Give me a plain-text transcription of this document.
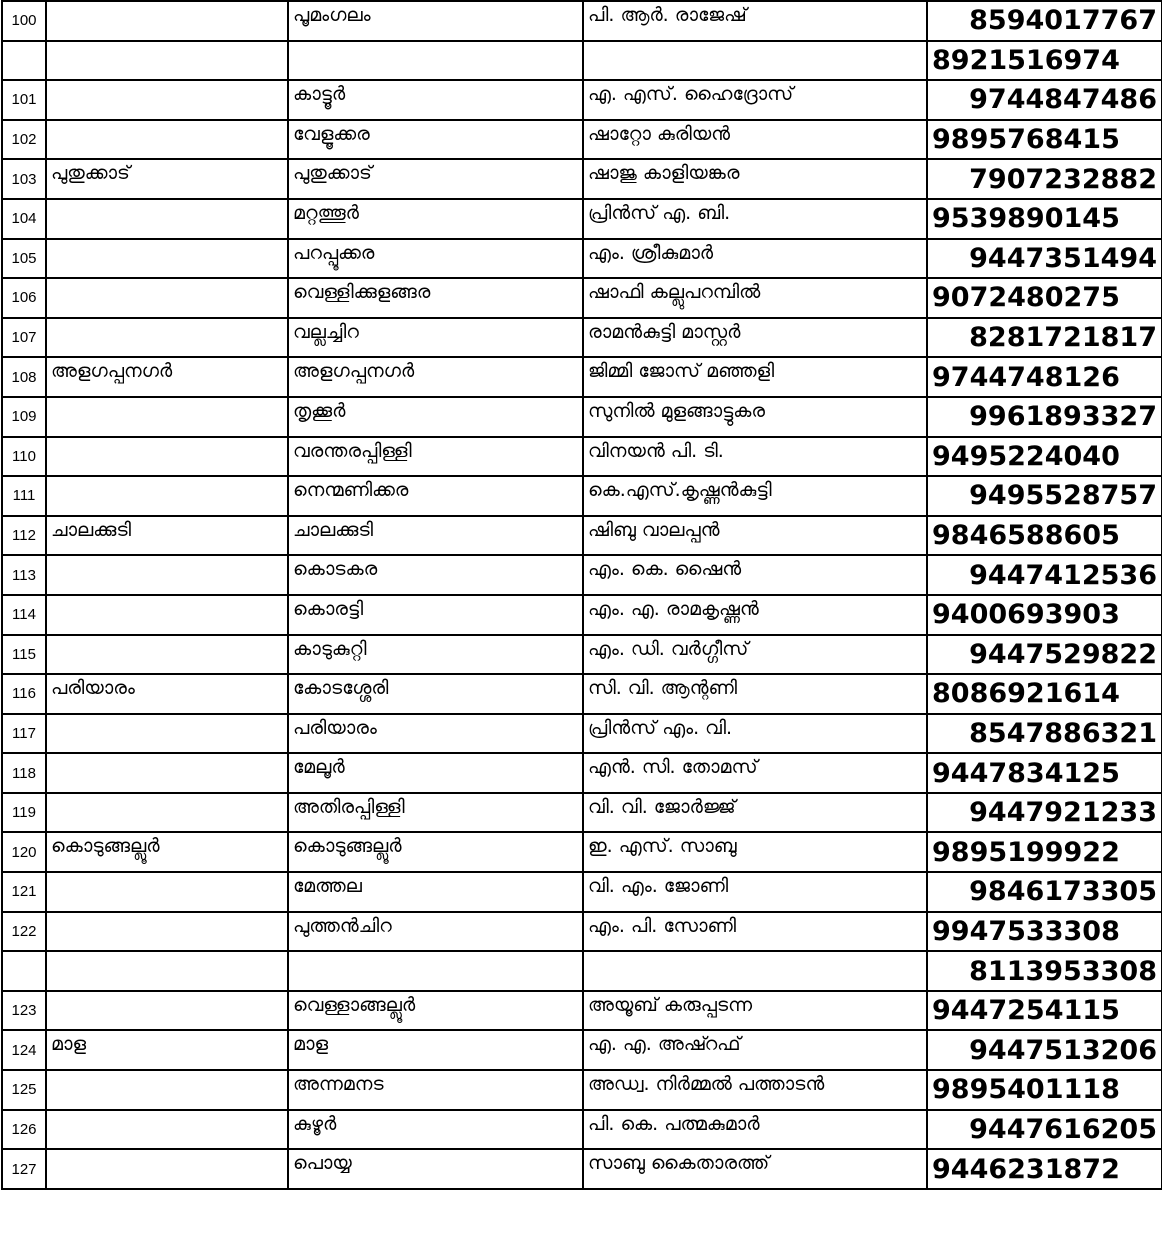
100		പൂമംഗലം	പി. ആർ. രാജേഷ്	8594017767
				8921516974
101		കാട്ടൂർ	എ. എസ്. ഹൈദ്രോസ്	9744847486
102		വേളൂക്കര	ഷാറ്റോ കുരിയൻ	9895768415
103	പുതുക്കാട്	പുതുക്കാട്	ഷാജു കാളിയങ്കര	7907232882
104		മറ്റത്തൂർ	പ്രിൻസ് എ. ബി.	9539890145
105		പറപ്പൂക്കര	എം. ശ്രീകുമാർ	9447351494
106		വെള്ളിക്കുളങ്ങര	ഷാഫി കല്ലുപറമ്പിൽ	9072480275
107		വല്ലച്ചിറ	രാമൻകുട്ടി മാസ്റ്റർ	8281721817
108	അളഗപ്പനഗർ	അളഗപ്പനഗർ	ജിമ്മി ജോസ് മഞ്ഞളി	9744748126
109		തൃക്കൂർ	സുനിൽ മുളങ്ങാട്ടുകര	9961893327
110		വരന്തരപ്പിള്ളി	വിനയൻ പി. ടി.	9495224040
111		നെന്മണിക്കര	കെ.എസ്.കൃഷ്ണൻകുട്ടി	9495528757
112	ചാലക്കുടി	ചാലക്കുടി	ഷിബു വാലപ്പൻ	9846588605
113		കൊടകര	എം. കെ. ഷൈൻ	9447412536
114		കൊരട്ടി	എം. എ. രാമകൃഷ്ണൻ	9400693903
115		കാടുകുറ്റി	എം. ഡി. വർഗ്ഗീസ്	9447529822
116	പരിയാരം	കോടശ്ശേരി	സി. വി. ആന്റണി	8086921614
117		പരിയാരം	പ്രിൻസ് എം. വി.	8547886321
118		മേലൂർ	എൻ. സി. തോമസ്	9447834125
119		അതിരപ്പിള്ളി	വി. വി. ജോർജ്ജ്	9447921233
120	കൊടുങ്ങല്ലൂർ	കൊടുങ്ങല്ലൂർ	ഇ. എസ്. സാബു	9895199922
121		മേത്തല	വി. എം. ജോണി	9846173305
122		പുത്തൻചിറ	എം. പി. സോണി	9947533308
				8113953308
123		വെള്ളാങ്ങല്ലൂർ	അയൂബ് കരുപ്പടന്ന	9447254115
124	മാള	മാള	എ. എ. അഷ്റഫ്	9447513206
125		അന്നമനട	അഡ്വ. നിർമ്മൽ പത്താടൻ	9895401118
126		കുഴൂർ	പി. കെ. പത്മകുമാർ	9447616205
127		പൊയ്യ	സാബു കൈതാരത്ത്	9446231872
